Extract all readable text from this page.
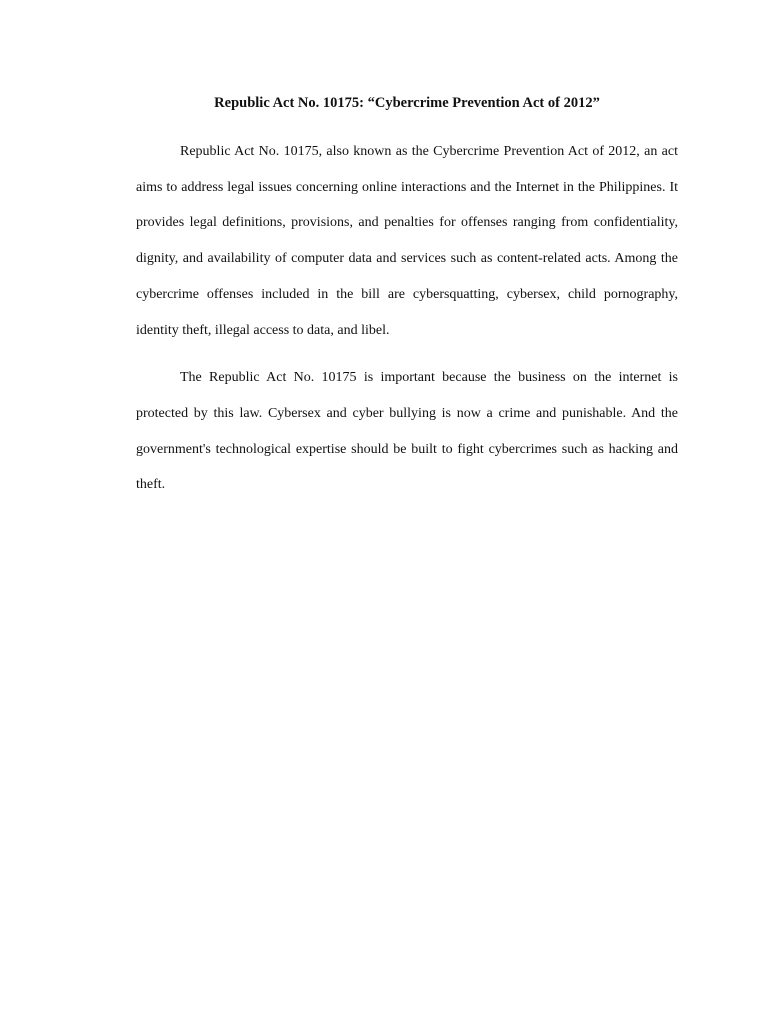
Republic Act No. 10175: “Cybercrime Prevention Act of 2012”

Republic Act No. 10175, also known as the Cybercrime Prevention Act of 2012, an act aims to address legal issues concerning online interactions and the Internet in the Philippines. It provides legal definitions, provisions, and penalties for offenses ranging from confidentiality, dignity, and availability of computer data and services such as content-related acts. Among the cybercrime offenses included in the bill are cybersquatting, cybersex, child pornography, identity theft, illegal access to data, and libel.

The Republic Act No. 10175 is important because the business on the internet is protected by this law. Cybersex and cyber bullying is now a crime and punishable. And the government's technological expertise should be built to fight cybercrimes such as hacking and theft.
